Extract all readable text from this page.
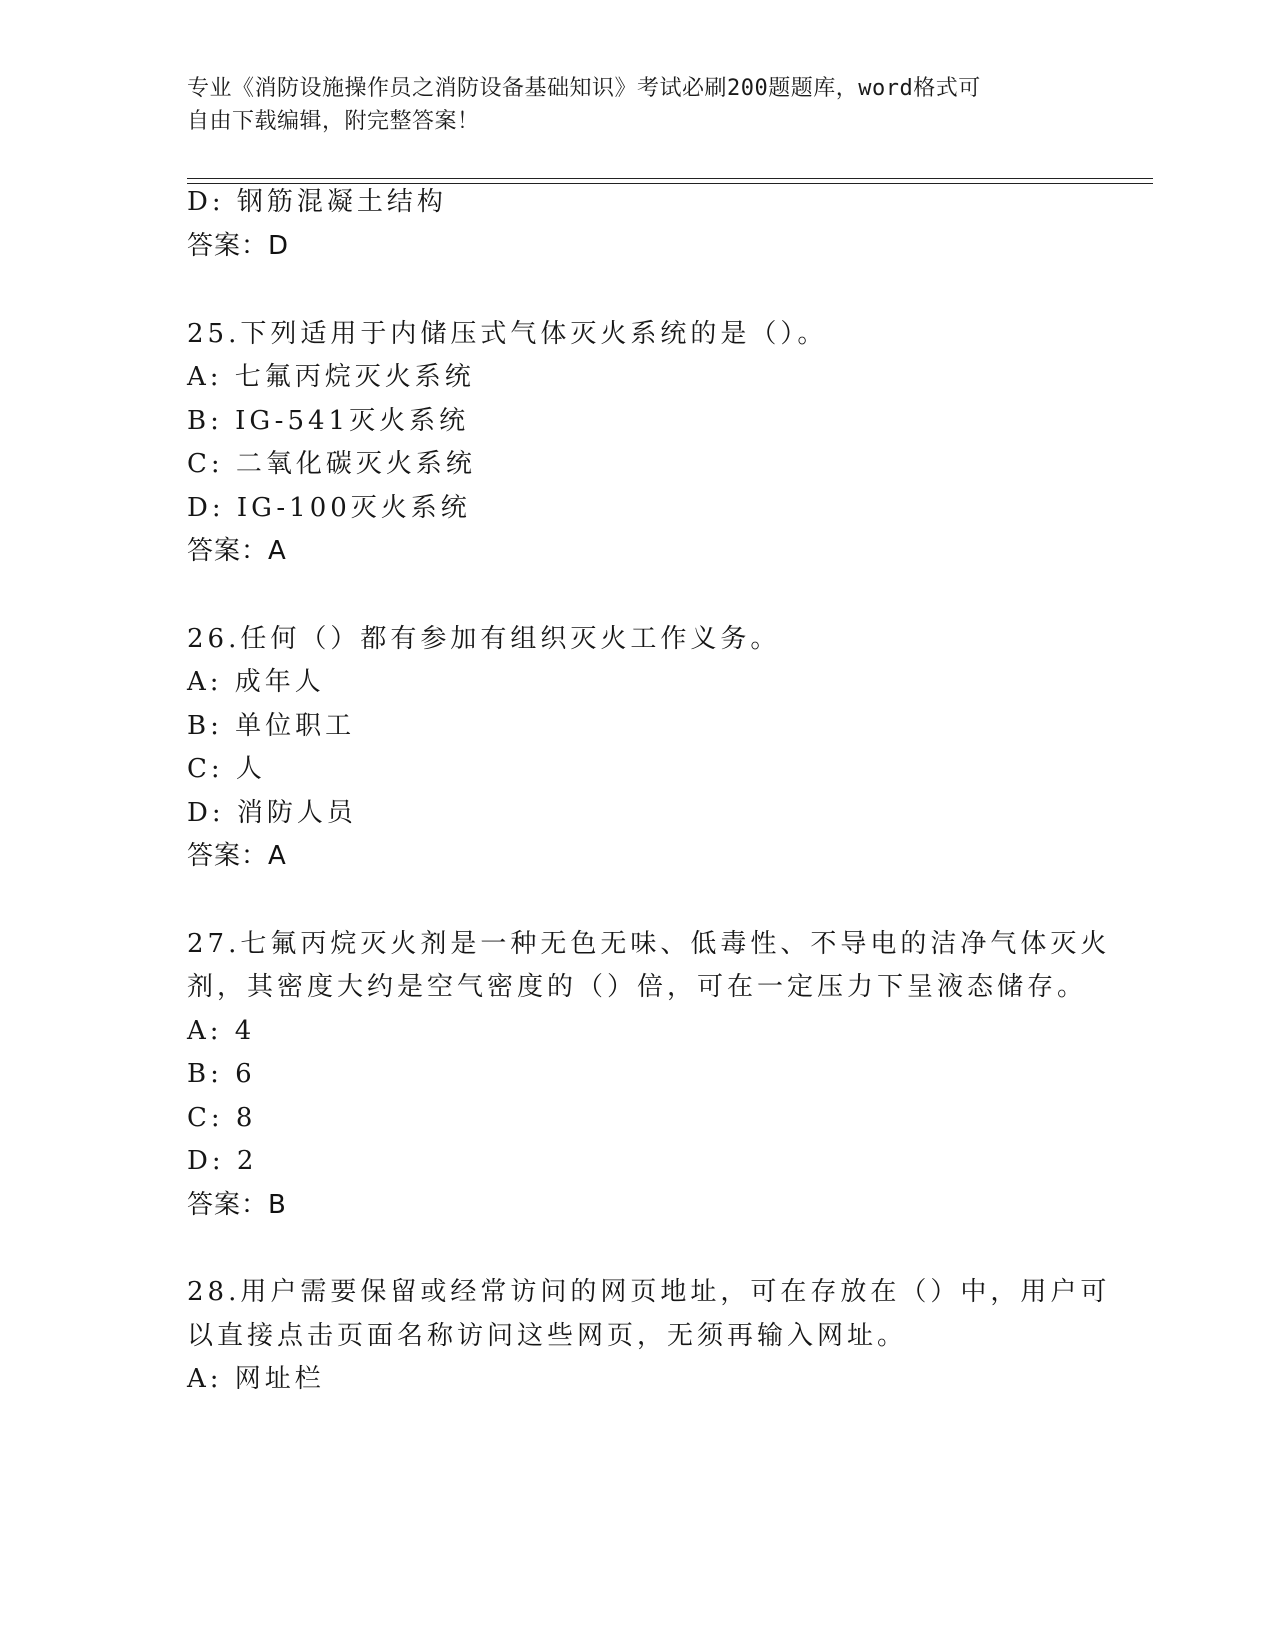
专业《消防设施操作员之消防设备基础知识》考试必刷200题题库，word格式可
自由下载编辑，附完整答案！
D: 钢筋混凝土结构
答案：D
25.下列适用于内储压式气体灭火系统的是（）。
A: 七氟丙烷灭火系统
B: IG-541灭火系统
C: 二氧化碳灭火系统
D: IG-100灭火系统
答案：A
26.任何（）都有参加有组织灭火工作义务。
A: 成年人
B: 单位职工
C: 人
D: 消防人员
答案：A
27.七氟丙烷灭火剂是一种无色无味、低毒性、不导电的洁净气体灭火
剂，其密度大约是空气密度的（）倍，可在一定压力下呈液态储存。
A: 4
B: 6
C: 8
D: 2
答案：B
28.用户需要保留或经常访问的网页地址，可在存放在（）中，用户可
以直接点击页面名称访问这些网页，无须再输入网址。
A: 网址栏
